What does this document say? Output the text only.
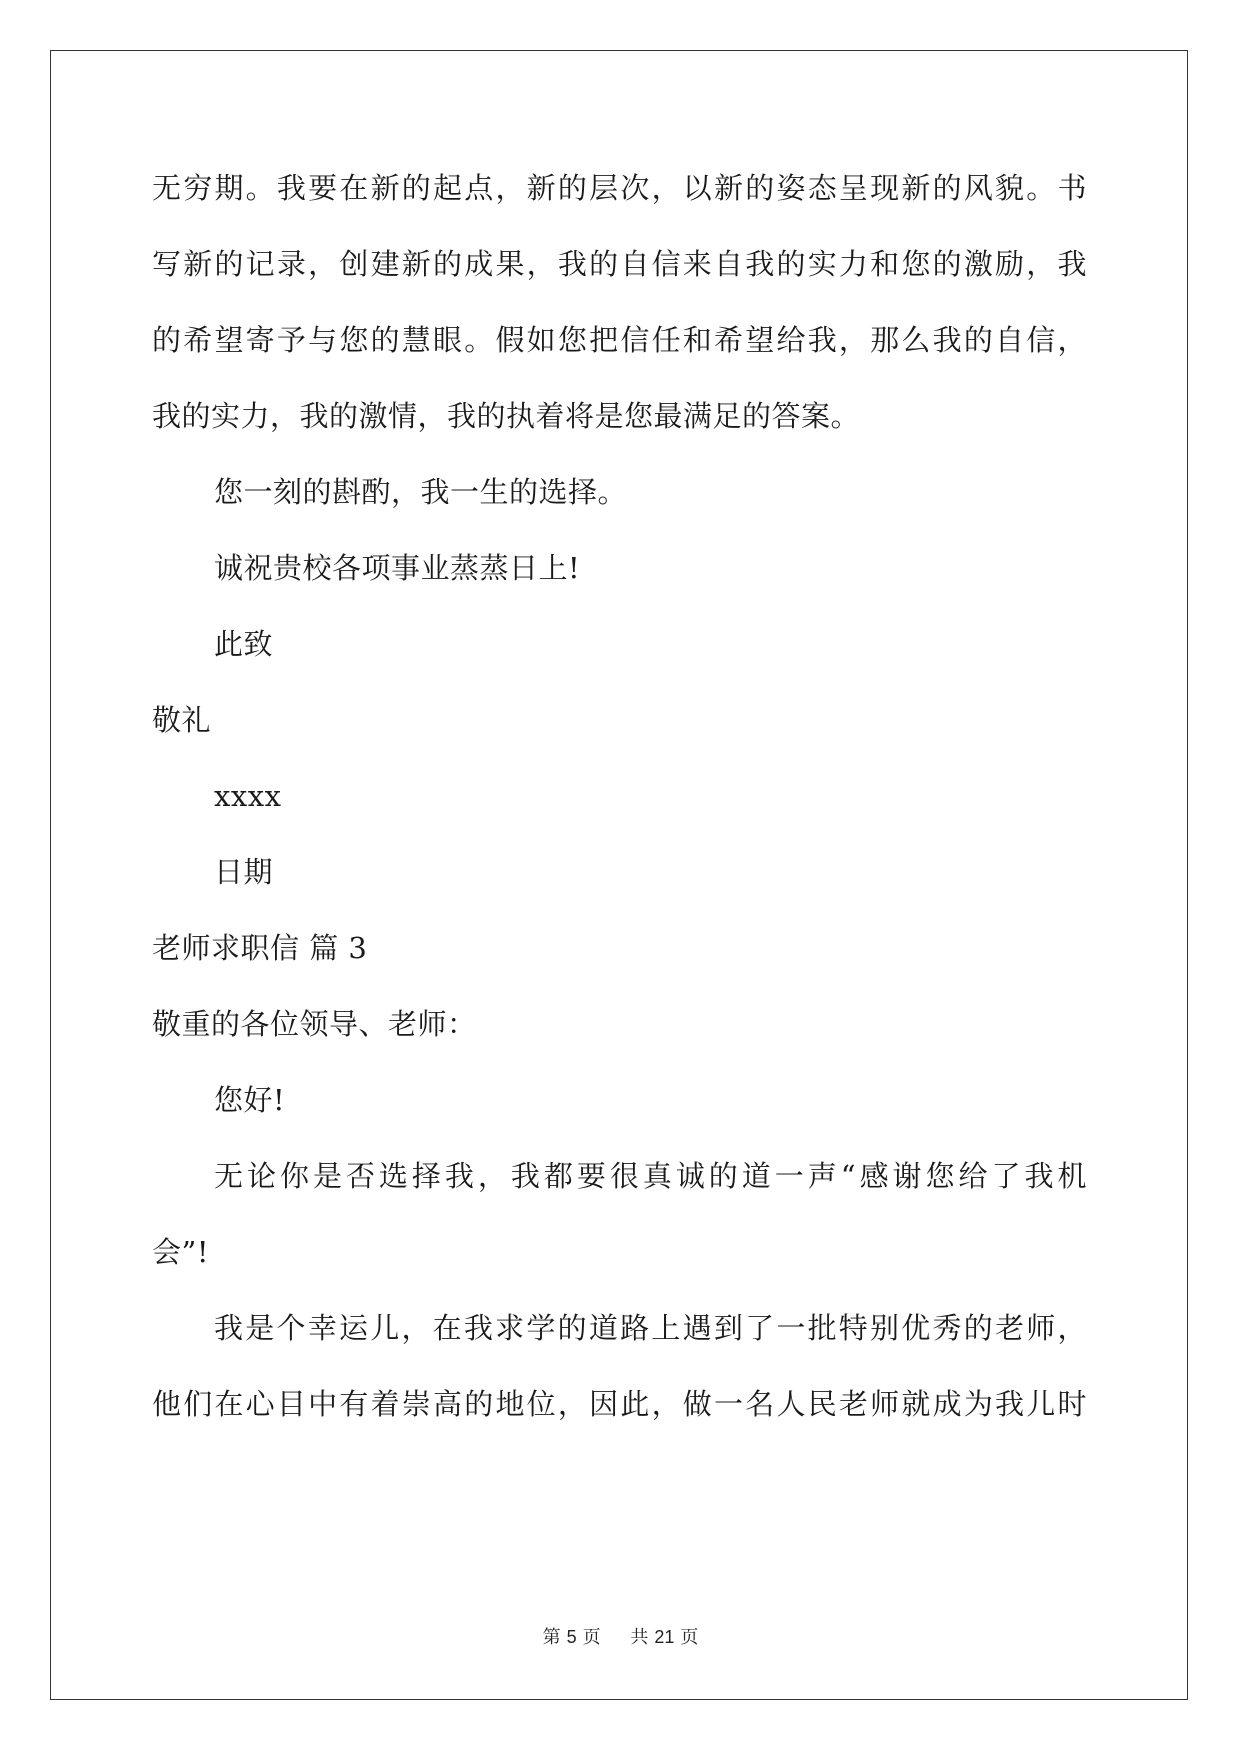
无穷期。我要在新的起点，新的层次，以新的姿态呈现新的风貌。书
写新的记录，创建新的成果，我的自信来自我的实力和您的激励，我
的希望寄予与您的慧眼。假如您把信任和希望给我，那么我的自信，
我的实力，我的激情，我的执着将是您最满足的答案。
您一刻的斟酌，我一生的选择。
诚祝贵校各项事业蒸蒸日上!
此致
敬礼
xxxx
日期
老师求职信 篇 3
敬重的各位领导、老师：
您好!
无论你是否选择我，我都要很真诚的道一声“感谢您给了我机
会”!
我是个幸运儿，在我求学的道路上遇到了一批特别优秀的老师，
他们在心目中有着崇高的地位，因此，做一名人民老师就成为我儿时
第 5 页 共 21 页
